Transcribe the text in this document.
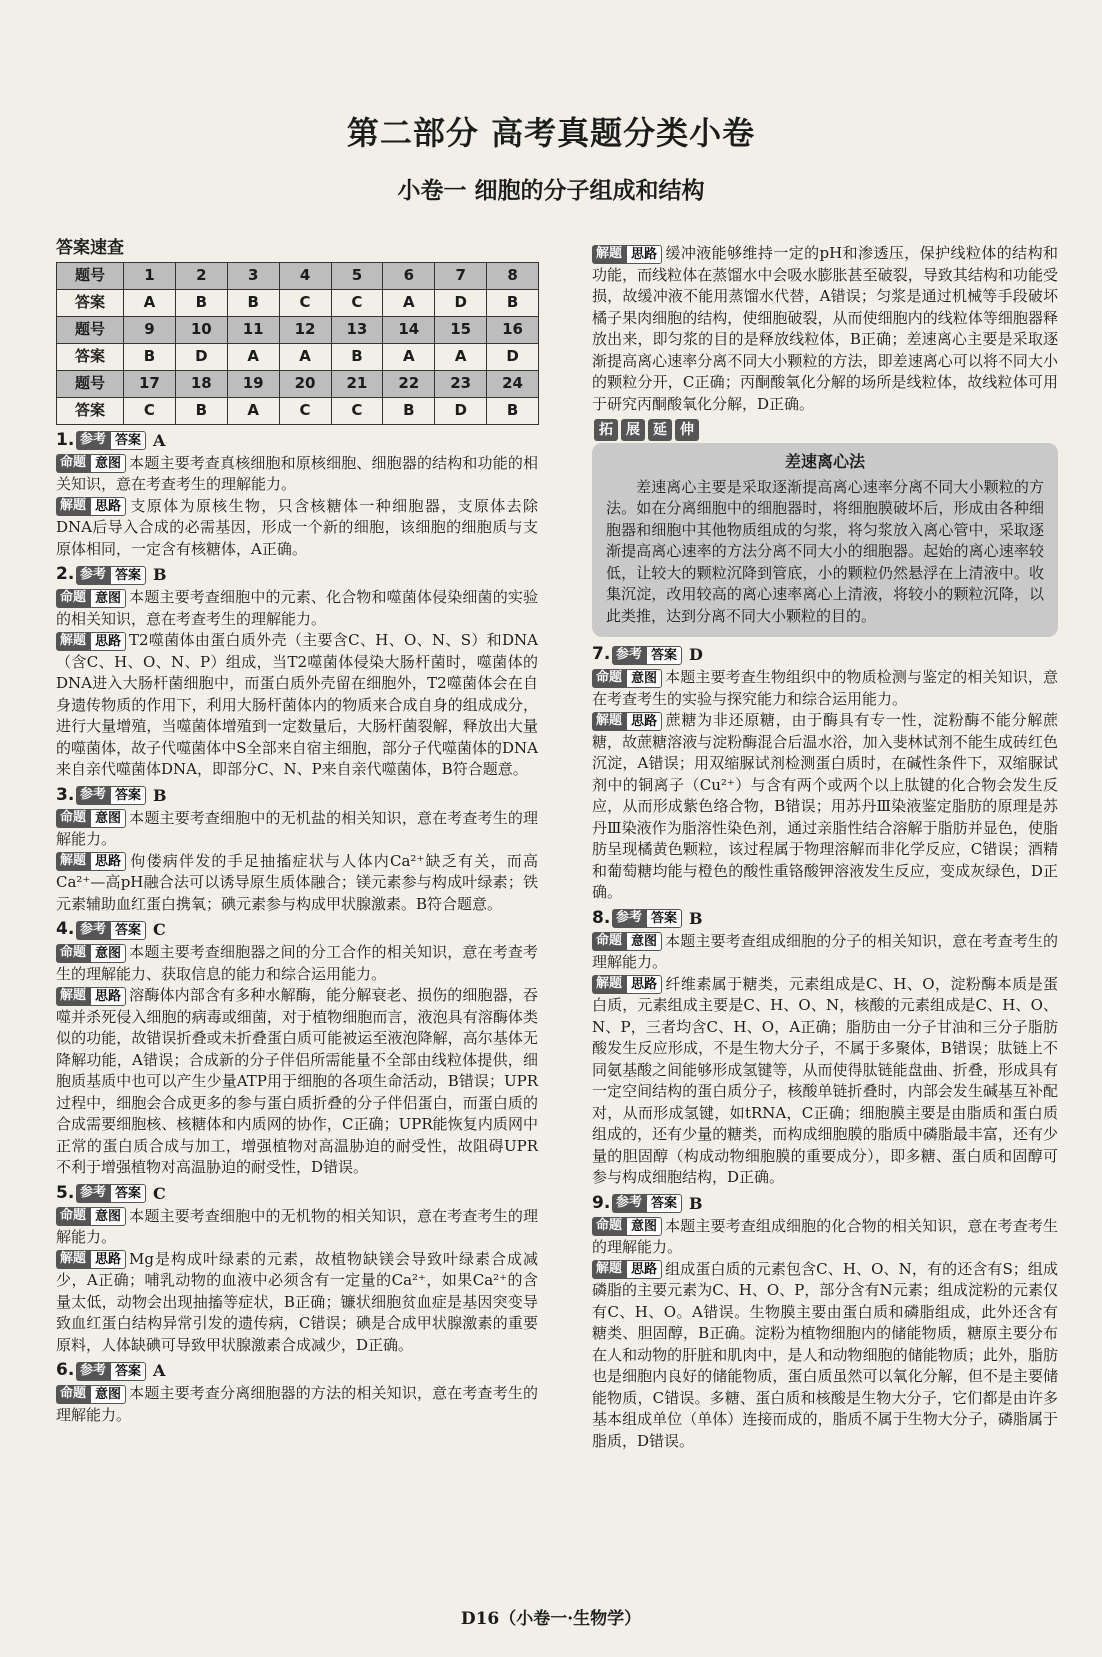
第二部分 高考真题分类小卷
小卷一 细胞的分子组成和结构
答案速查
题号	1	2	3	4	5	6	7	8
答案	A	B	B	C	C	A	D	B
题号	9	10	11	12	13	14	15	16
答案	B	D	A	A	B	A	A	D
题号	17	18	19	20	21	22	23	24
答案	C	B	A	C	C	B	D	B
1. 参考 答案 A
命题 意图 本题主要考查真核细胞和原核细胞、细胞器的结构和功能的相关知识，意在考查考生的理解能力。
解题 思路 支原体为原核生物，只含核糖体一种细胞器，支原体去除DNA后导入合成的必需基因，形成一个新的细胞，该细胞的细胞质与支原体相同，一定含有核糖体，A正确。
2. 参考 答案 B
命题 意图 本题主要考查细胞中的元素、化合物和噬菌体侵染细菌的实验的相关知识，意在考查考生的理解能力。
解题 思路 T2噬菌体由蛋白质外壳（主要含C、H、O、N、S）和DNA（含C、H、O、N、P）组成，当T2噬菌体侵染大肠杆菌时，噬菌体的DNA进入大肠杆菌细胞中，而蛋白质外壳留在细胞外，T2噬菌体会在自身遗传物质的作用下，利用大肠杆菌体内的物质来合成自身的组成成分，进行大量增殖，当噬菌体增殖到一定数量后，大肠杆菌裂解，释放出大量的噬菌体，故子代噬菌体中S全部来自宿主细胞，部分子代噬菌体的DNA来自亲代噬菌体DNA，即部分C、N、P来自亲代噬菌体，B符合题意。
3. 参考 答案 B
命题 意图 本题主要考查细胞中的无机盐的相关知识，意在考查考生的理解能力。
解题 思路 佝偻病伴发的手足抽搐症状与人体内Ca²⁺缺乏有关，而高Ca²⁺—高pH融合法可以诱导原生质体融合；镁元素参与构成叶绿素；铁元素辅助血红蛋白携氧；碘元素参与构成甲状腺激素。B符合题意。
4. 参考 答案 C
命题 意图 本题主要考查细胞器之间的分工合作的相关知识，意在考查考生的理解能力、获取信息的能力和综合运用能力。
解题 思路 溶酶体内部含有多种水解酶，能分解衰老、损伤的细胞器，吞噬并杀死侵入细胞的病毒或细菌，对于植物细胞而言，液泡具有溶酶体类似的功能，故错误折叠或未折叠蛋白质可能被运至液泡降解，高尔基体无降解功能，A错误；合成新的分子伴侣所需能量不全部由线粒体提供，细胞质基质中也可以产生少量ATP用于细胞的各项生命活动，B错误；UPR过程中，细胞会合成更多的参与蛋白质折叠的分子伴侣蛋白，而蛋白质的合成需要细胞核、核糖体和内质网的协作，C正确；UPR能恢复内质网中正常的蛋白质合成与加工，增强植物对高温胁迫的耐受性，故阻碍UPR不利于增强植物对高温胁迫的耐受性，D错误。
5. 参考 答案 C
命题 意图 本题主要考查细胞中的无机物的相关知识，意在考查考生的理解能力。
解题 思路 Mg是构成叶绿素的元素，故植物缺镁会导致叶绿素合成减少，A正确；哺乳动物的血液中必须含有一定量的Ca²⁺，如果Ca²⁺的含量太低，动物会出现抽搐等症状，B正确；镰状细胞贫血症是基因突变导致血红蛋白结构异常引发的遗传病，C错误；碘是合成甲状腺激素的重要原料，人体缺碘可导致甲状腺激素合成减少，D正确。
6. 参考 答案 A
命题 意图 本题主要考查分离细胞器的方法的相关知识，意在考查考生的理解能力。
解题 思路 缓冲液能够维持一定的pH和渗透压，保护线粒体的结构和功能，而线粒体在蒸馏水中会吸水膨胀甚至破裂，导致其结构和功能受损，故缓冲液不能用蒸馏水代替，A错误；匀浆是通过机械等手段破坏橘子果肉细胞的结构，使细胞破裂，从而使细胞内的线粒体等细胞器释放出来，即匀浆的目的是释放线粒体，B正确；差速离心主要是采取逐渐提高离心速率分离不同大小颗粒的方法，即差速离心可以将不同大小的颗粒分开，C正确；丙酮酸氧化分解的场所是线粒体，故线粒体可用于研究丙酮酸氧化分解，D正确。
拓 展 延 伸
差速离心法
差速离心主要是采取逐渐提高离心速率分离不同大小颗粒的方法。如在分离细胞中的细胞器时，将细胞膜破坏后，形成由各种细胞器和细胞中其他物质组成的匀浆，将匀浆放入离心管中，采取逐渐提高离心速率的方法分离不同大小的细胞器。起始的离心速率较低，让较大的颗粒沉降到管底，小的颗粒仍然悬浮在上清液中。收集沉淀，改用较高的离心速率离心上清液，将较小的颗粒沉降，以此类推，达到分离不同大小颗粒的目的。
7. 参考 答案 D
命题 意图 本题主要考查生物组织中的物质检测与鉴定的相关知识，意在考查考生的实验与探究能力和综合运用能力。
解题 思路 蔗糖为非还原糖，由于酶具有专一性，淀粉酶不能分解蔗糖，故蔗糖溶液与淀粉酶混合后温水浴，加入斐林试剂不能生成砖红色沉淀，A错误；用双缩脲试剂检测蛋白质时，在碱性条件下，双缩脲试剂中的铜离子（Cu²⁺）与含有两个或两个以上肽键的化合物会发生反应，从而形成紫色络合物，B错误；用苏丹Ⅲ染液鉴定脂肪的原理是苏丹Ⅲ染液作为脂溶性染色剂，通过亲脂性结合溶解于脂肪并显色，使脂肪呈现橘黄色颗粒，该过程属于物理溶解而非化学反应，C错误；酒精和葡萄糖均能与橙色的酸性重铬酸钾溶液发生反应，变成灰绿色，D正确。
8. 参考 答案 B
命题 意图 本题主要考查组成细胞的分子的相关知识，意在考查考生的理解能力。
解题 思路 纤维素属于糖类，元素组成是C、H、O，淀粉酶本质是蛋白质，元素组成主要是C、H、O、N，核酸的元素组成是C、H、O、N、P，三者均含C、H、O，A正确；脂肪由一分子甘油和三分子脂肪酸发生反应形成，不是生物大分子，不属于多聚体，B错误；肽链上不同氨基酸之间能够形成氢键等，从而使得肽链能盘曲、折叠，形成具有一定空间结构的蛋白质分子，核酸单链折叠时，内部会发生碱基互补配对，从而形成氢键，如tRNA，C正确；细胞膜主要是由脂质和蛋白质组成的，还有少量的糖类，而构成细胞膜的脂质中磷脂最丰富，还有少量的胆固醇（构成动物细胞膜的重要成分），即多糖、蛋白质和固醇可参与构成细胞结构，D正确。
9. 参考 答案 B
命题 意图 本题主要考查组成细胞的化合物的相关知识，意在考查考生的理解能力。
解题 思路 组成蛋白质的元素包含C、H、O、N，有的还含有S；组成磷脂的主要元素为C、H、O、P，部分含有N元素；组成淀粉的元素仅有C、H、O。A错误。生物膜主要由蛋白质和磷脂组成，此外还含有糖类、胆固醇，B正确。淀粉为植物细胞内的储能物质，糖原主要分布在人和动物的肝脏和肌肉中，是人和动物细胞的储能物质；此外，脂肪也是细胞内良好的储能物质，蛋白质虽然可以氧化分解，但不是主要储能物质，C错误。多糖、蛋白质和核酸是生物大分子，它们都是由许多基本组成单位（单体）连接而成的，脂质不属于生物大分子，磷脂属于脂质，D错误。
D16（小卷一·生物学）
